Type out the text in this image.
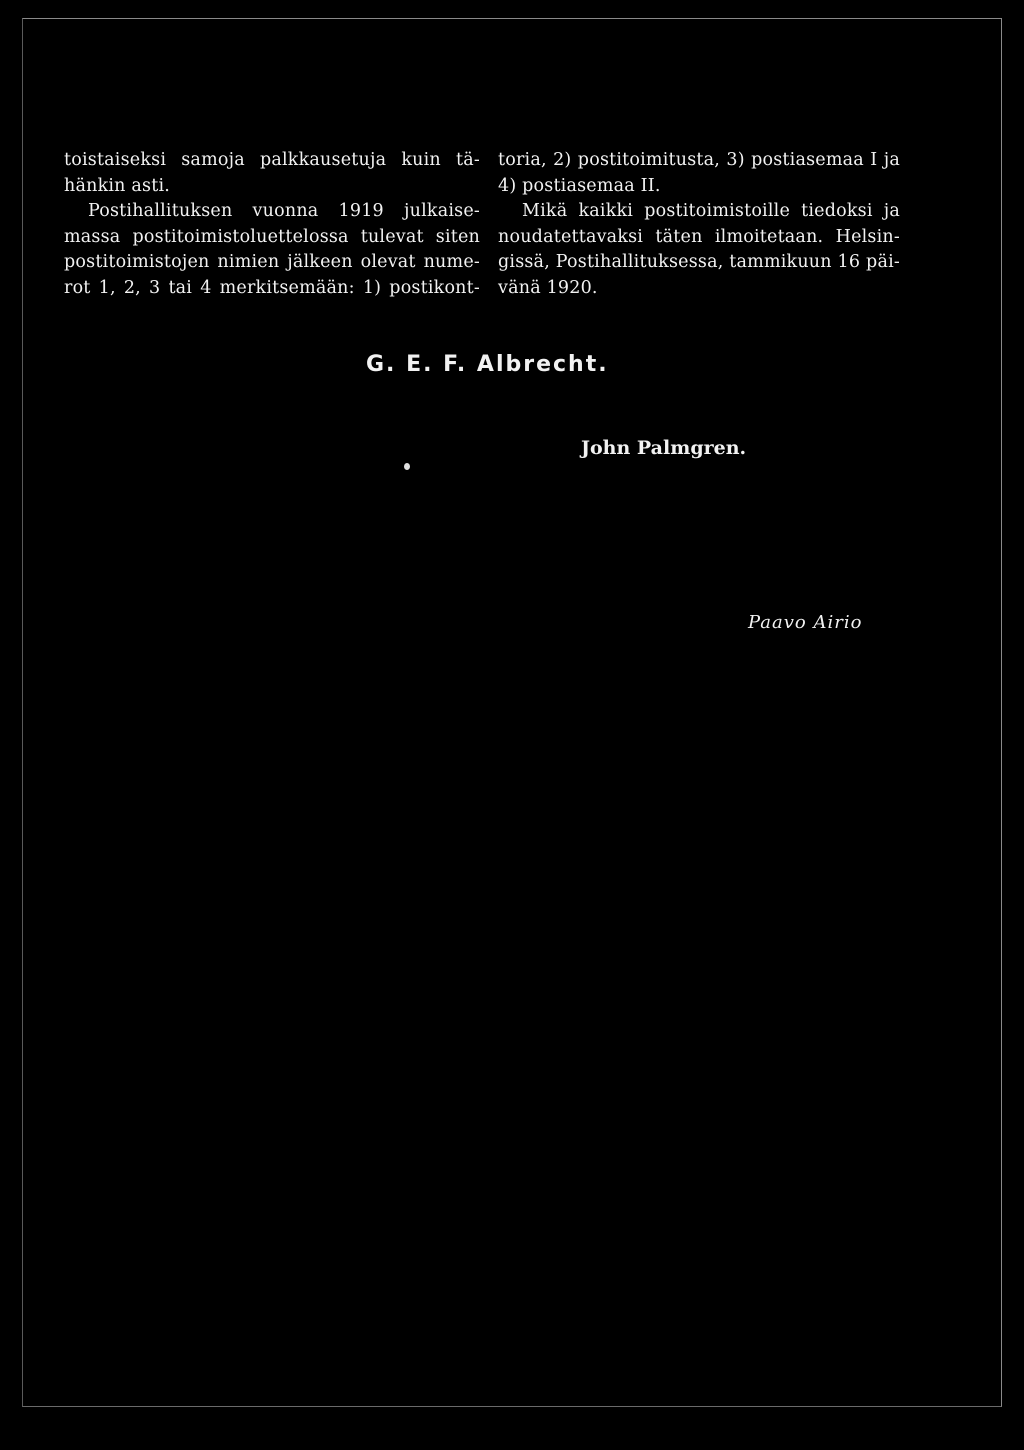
toistaiseksi samoja palkkausetuja kuin tä-
hänkin asti.
Postihallituksen vuonna 1919 julkaise-
massa postitoimistoluettelossa tulevat siten
postitoimistojen nimien jälkeen olevat nume-
rot 1, 2, 3 tai 4 merkitsemään: 1) postikont-
toria, 2) postitoimitusta, 3) postiasemaa I ja
4) postiasemaa II.
Mikä kaikki postitoimistoille tiedoksi ja
noudatettavaksi täten ilmoitetaan. Helsin-
gissä, Postihallituksessa, tammikuun 16 päi-
vänä 1920.
G. E. F. Albrecht.
John Palmgren.
Paavo Airio
